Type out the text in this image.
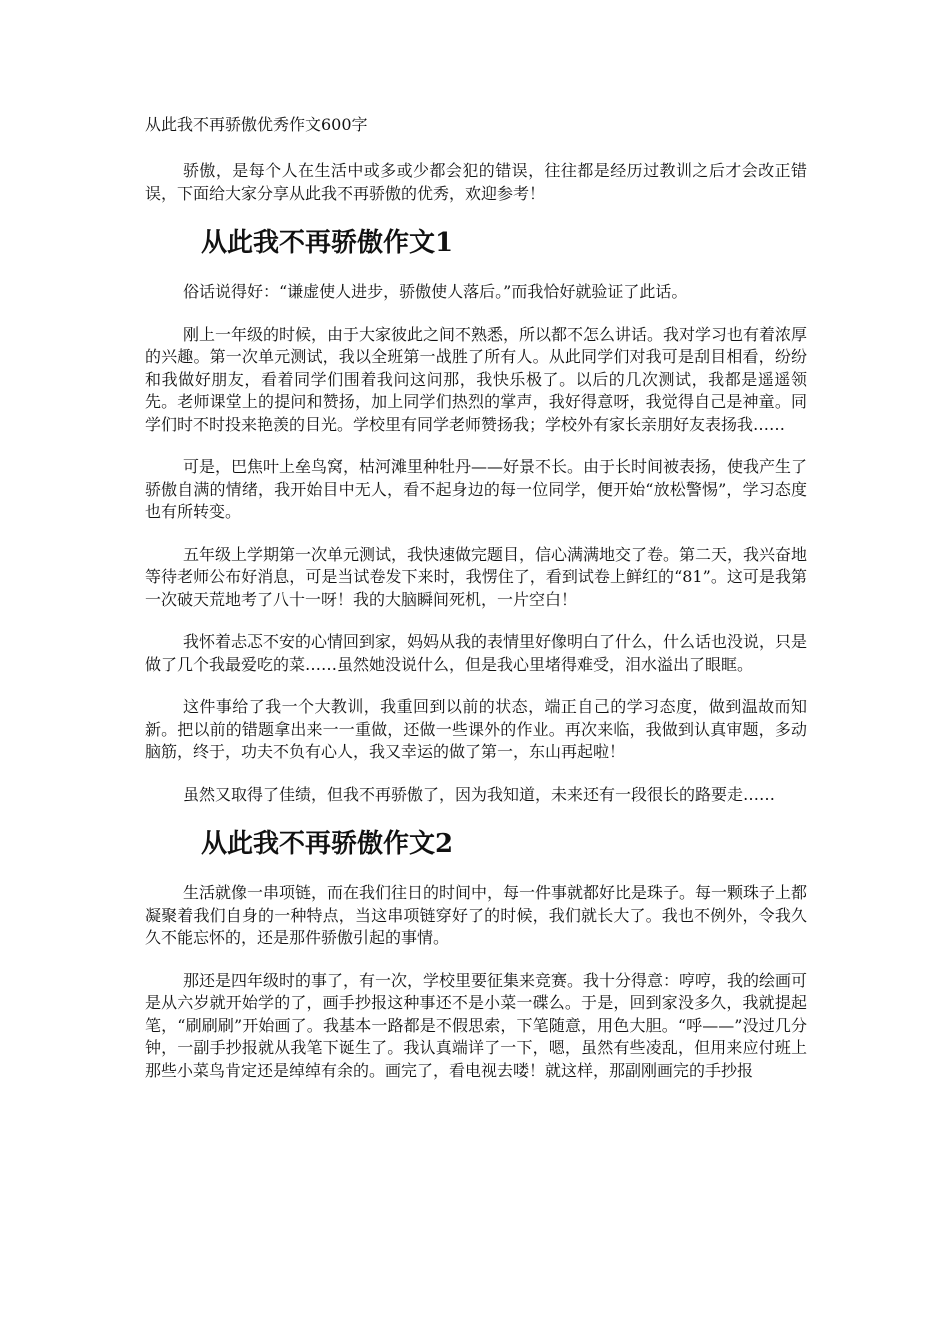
从此我不再骄傲优秀作文600字

骄傲，是每个人在生活中或多或少都会犯的错误，往往都是经历过教训之后才会改正错误，下面给大家分享从此我不再骄傲的优秀，欢迎参考！

从此我不再骄傲作文1

俗话说得好：“谦虚使人进步，骄傲使人落后。”而我恰好就验证了此话。

刚上一年级的时候，由于大家彼此之间不熟悉，所以都不怎么讲话。我对学习也有着浓厚的兴趣。第一次单元测试，我以全班第一战胜了所有人。从此同学们对我可是刮目相看，纷纷和我做好朋友，看着同学们围着我问这问那，我快乐极了。以后的几次测试，我都是遥遥领先。老师课堂上的提问和赞扬，加上同学们热烈的掌声，我好得意呀，我觉得自己是神童。同学们时不时投来艳羡的目光。学校里有同学老师赞扬我；学校外有家长亲朋好友表扬我……

可是，巴焦叶上垒鸟窝，枯河滩里种牡丹——好景不长。由于长时间被表扬，使我产生了骄傲自满的情绪，我开始目中无人，看不起身边的每一位同学，便开始“放松警惕”，学习态度也有所转变。

五年级上学期第一次单元测试，我快速做完题目，信心满满地交了卷。第二天，我兴奋地等待老师公布好消息，可是当试卷发下来时，我愣住了，看到试卷上鲜红的“81”。这可是我第一次破天荒地考了八十一呀！我的大脑瞬间死机，一片空白！

我怀着忐忑不安的心情回到家，妈妈从我的表情里好像明白了什么，什么话也没说，只是做了几个我最爱吃的菜……虽然她没说什么，但是我心里堵得难受，泪水溢出了眼眶。

这件事给了我一个大教训，我重回到以前的状态，端正自己的学习态度，做到温故而知新。把以前的错题拿出来一一重做，还做一些课外的作业。再次来临，我做到认真审题，多动脑筋，终于，功夫不负有心人，我又幸运的做了第一，东山再起啦！

虽然又取得了佳绩，但我不再骄傲了，因为我知道，未来还有一段很长的路要走……

从此我不再骄傲作文2

生活就像一串项链，而在我们往日的时间中，每一件事就都好比是珠子。每一颗珠子上都凝聚着我们自身的一种特点，当这串项链穿好了的时候，我们就长大了。我也不例外，令我久久不能忘怀的，还是那件骄傲引起的事情。

那还是四年级时的事了，有一次，学校里要征集来竞赛。我十分得意：哼哼，我的绘画可是从六岁就开始学的了，画手抄报这种事还不是小菜一碟么。于是，回到家没多久，我就提起笔，“刷刷刷”开始画了。我基本一路都是不假思索，下笔随意，用色大胆。“呼——”没过几分钟，一副手抄报就从我笔下诞生了。我认真端详了一下，嗯，虽然有些凌乱，但用来应付班上那些小菜鸟肯定还是绰绰有余的。画完了，看电视去喽！就这样，那副刚画完的手抄报
